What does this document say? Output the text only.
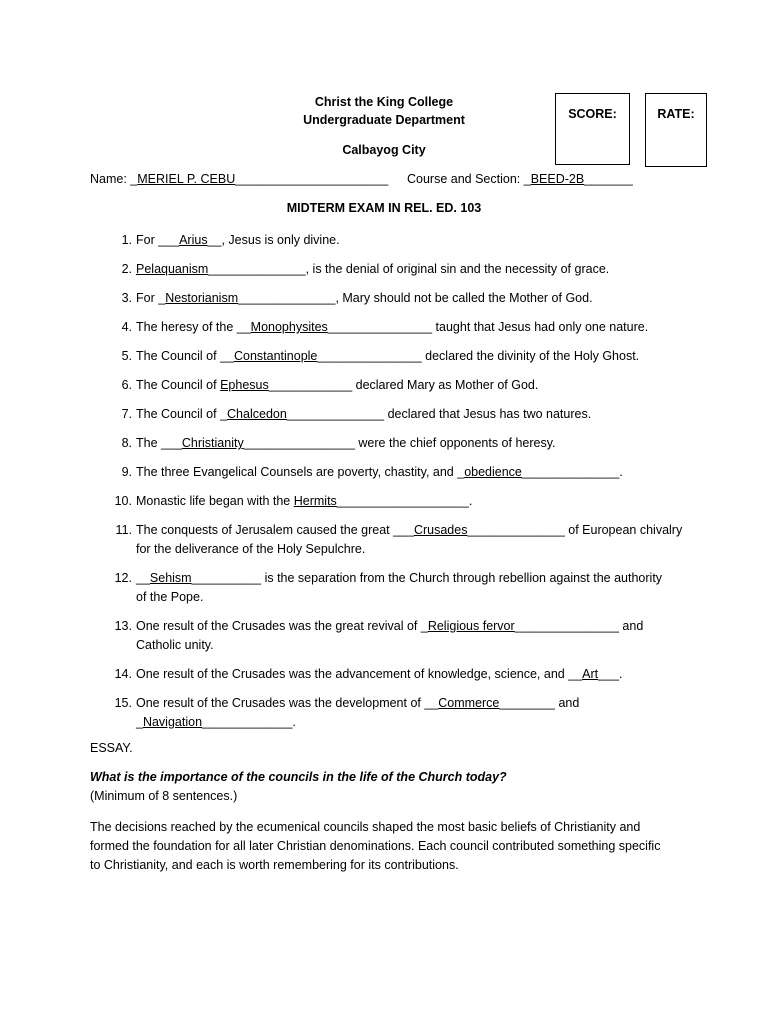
Christ the King College
Undergraduate Department
Calbayog City
SCORE:	RATE:
Name: _MERIEL P. CEBU______________________ Course and Section: _BEED-2B_______
MIDTERM EXAM IN REL. ED. 103
1. For ___Arius__, Jesus is only divine.
2. Pelaquanism______________, is the denial of original sin and the necessity of grace.
3. For _Nestorianism______________, Mary should not be called the Mother of God.
4. The heresy of the __Monophysites_______________ taught that Jesus had only one nature.
5. The Council of __Constantinople_______________ declared the divinity of the Holy Ghost.
6. The Council of Ephesus____________ declared Mary as Mother of God.
7. The Council of _Chalcedon______________ declared that Jesus has two natures.
8. The ___Christianity________________ were the chief opponents of heresy.
9. The three Evangelical Counsels are poverty, chastity, and _obedience______________.
10. Monastic life began with the Hermits___________________.
11. The conquests of Jerusalem caused the great ___Crusades______________ of European chivalry
for the deliverance of the Holy Sepulchre.
12. __Sehism__________ is the separation from the Church through rebellion against the authority
of the Pope.
13. One result of the Crusades was the great revival of _Religious fervor_______________ and
Catholic unity.
14. One result of the Crusades was the advancement of knowledge, science, and __Art___.
15. One result of the Crusades was the development of __Commerce________ and
_Navigation_____________.
ESSAY.
What is the importance of the councils in the life of the Church today?
(Minimum of 8 sentences.)
The decisions reached by the ecumenical councils shaped the most basic beliefs of Christianity and
formed the foundation for all later Christian denominations. Each council contributed something specific
to Christianity, and each is worth remembering for its contributions.
